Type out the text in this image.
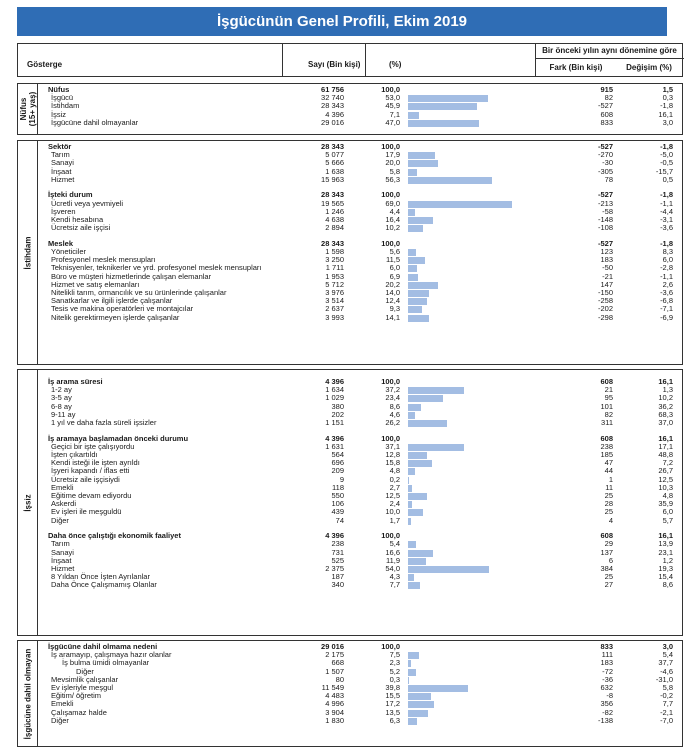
İşgücünün Genel Profili, Ekim 2019
Gösterge	Sayı (Bin kişi)	(%)
Bir önceki yılın aynı dönemine göre
Fark (Bin kişi)	Değişim (%)
Nüfus (15+ yaş)
Nüfus	61 756	100,0	915	1,5
İşgücü	32 740	53,0	82	0,3
İstihdam	28 343	45,9	-527	-1,8
İşsiz	4 396	7,1	608	16,1
İşgücüne dahil olmayanlar	29 016	47,0	833	3,0
İstihdam
Sektör	28 343	100,0	-527	-1,8
Tarım	5 077	17,9	-270	-5,0
Sanayi	5 666	20,0	-30	-0,5
İnşaat	1 638	5,8	-305	-15,7
Hizmet	15 963	56,3	78	0,5
İşteki durum	28 343	100,0	-527	-1,8
Ücretli veya yevmiyeli	19 565	69,0	-213	-1,1
İşveren	1 246	4,4	-58	-4,4
Kendi hesabına	4 638	16,4	-148	-3,1
Ücretsiz aile işçisi	2 894	10,2	-108	-3,6
Meslek	28 343	100,0	-527	-1,8
Yöneticiler	1 598	5,6	123	8,3
Profesyonel meslek mensupları	3 250	11,5	183	6,0
Teknisyenler, teknikerler ve yrd. profesyonel meslek mensupları	1 711	6,0	-50	-2,8
Büro ve müşteri hizmetlerinde çalışan elemanlar	1 953	6,9	-21	-1,1
Hizmet ve satış elemanları	5 712	20,2	147	2,6
Nitelikli tarım, ormancılık ve su ürünlerinde çalışanlar	3 976	14,0	-150	-3,6
Sanatkarlar ve ilgili işlerde çalışanlar	3 514	12,4	-258	-6,8
Tesis ve makina operatörleri ve montajcılar	2 637	9,3	-202	-7,1
Nitelik gerektirmeyen işlerde çalışanlar	3 993	14,1	-298	-6,9
İşsiz
İş arama süresi	4 396	100,0	608	16,1
1-2 ay	1 634	37,2	21	1,3
3-5 ay	1 029	23,4	95	10,2
6-8 ay	380	8,6	101	36,2
9-11 ay	202	4,6	82	68,3
1 yıl ve daha fazla süreli işsizler	1 151	26,2	311	37,0
İş aramaya başlamadan önceki durumu	4 396	100,0	608	16,1
Geçici bir işte çalışıyordu	1 631	37,1	238	17,1
İşten çıkartıldı	564	12,8	185	48,8
Kendi isteği ile işten ayrıldı	696	15,8	47	7,2
İşyeri kapandı / iflas etti	209	4,8	44	26,7
Ücretsiz aile işçisiydi	9	0,2	1	12,5
Emekli	118	2,7	11	10,3
Eğitime devam ediyordu	550	12,5	25	4,8
Askerdi	106	2,4	28	35,9
Ev işleri ile meşguldü	439	10,0	25	6,0
Diğer	74	1,7	4	5,7
Daha önce çalıştığı ekonomik faaliyet	4 396	100,0	608	16,1
Tarım	238	5,4	29	13,9
Sanayi	731	16,6	137	23,1
İnşaat	525	11,9	6	1,2
Hizmet	2 375	54,0	384	19,3
8 Yıldan Önce İşten Ayrılanlar	187	4,3	25	15,4
Daha Önce Çalışmamış Olanlar	340	7,7	27	8,6
İşgücüne dahil olmayan
İşgücüne dahil olmama nedeni	29 016	100,0	833	3,0
İş aramayıp, çalışmaya hazır olanlar	2 175	7,5	111	5,4
İş bulma ümidi olmayanlar	668	2,3	183	37,7
Diğer	1 507	5,2	-72	-4,6
Mevsimlik çalışanlar	80	0,3	-36	-31,0
Ev işleriyle meşgul	11 549	39,8	632	5,8
Eğitim/ öğretim	4 483	15,5	-8	-0,2
Emekli	4 996	17,2	356	7,7
Çalışamaz halde	3 904	13,5	-82	-2,1
Diğer	1 830	6,3	-138	-7,0
